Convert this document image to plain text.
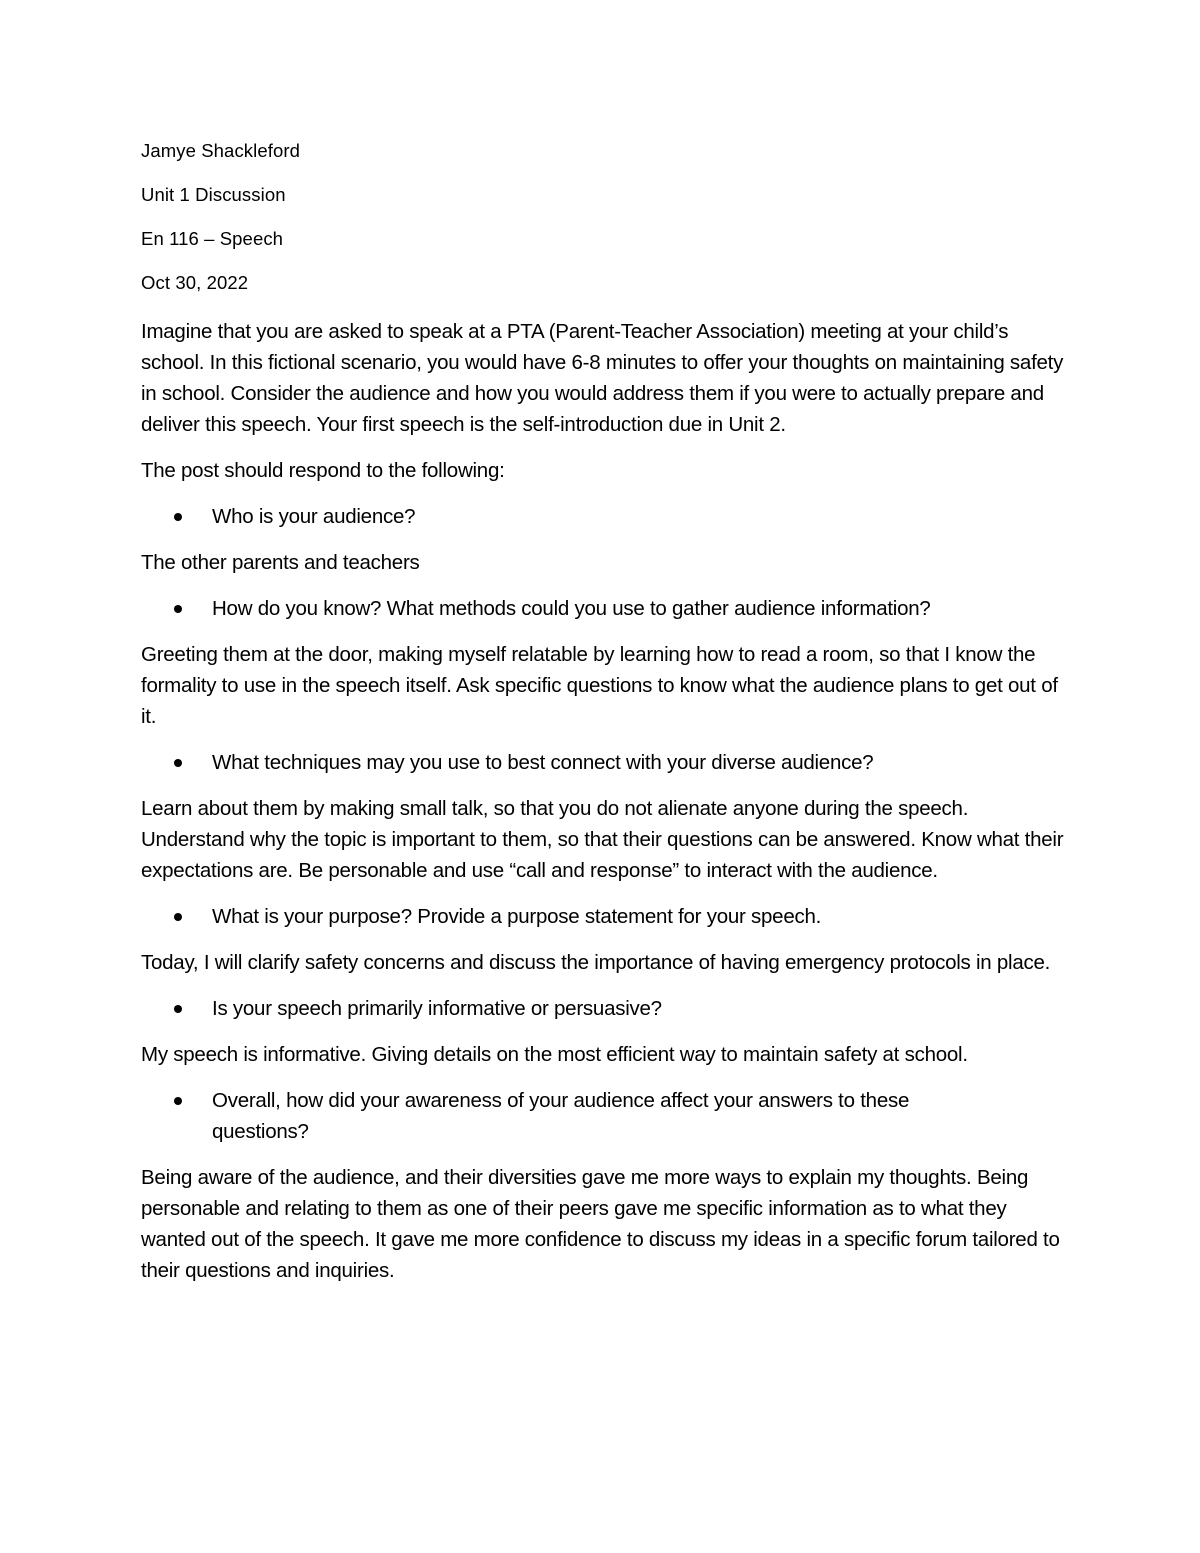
Jamye Shackleford
Unit 1 Discussion
En 116 – Speech
Oct 30, 2022

Imagine that you are asked to speak at a PTA (Parent-Teacher Association) meeting at your child’s school. In this fictional scenario, you would have 6-8 minutes to offer your thoughts on maintaining safety in school. Consider the audience and how you would address them if you were to actually prepare and deliver this speech. Your first speech is the self-introduction due in Unit 2.

The post should respond to the following:

Who is your audience?

The other parents and teachers

How do you know? What methods could you use to gather audience information?

Greeting them at the door, making myself relatable by learning how to read a room, so that I know the formality to use in the speech itself. Ask specific questions to know what the audience plans to get out of it.

What techniques may you use to best connect with your diverse audience?

Learn about them by making small talk, so that you do not alienate anyone during the speech. Understand why the topic is important to them, so that their questions can be answered. Know what their expectations are. Be personable and use “call and response” to interact with the audience.

What is your purpose? Provide a purpose statement for your speech.

Today, I will clarify safety concerns and discuss the importance of having emergency protocols in place.

Is your speech primarily informative or persuasive?

My speech is informative. Giving details on the most efficient way to maintain safety at school.

Overall, how did your awareness of your audience affect your answers to these questions?

Being aware of the audience, and their diversities gave me more ways to explain my thoughts. Being personable and relating to them as one of their peers gave me specific information as to what they wanted out of the speech. It gave me more confidence to discuss my ideas in a specific forum tailored to their questions and inquiries.
